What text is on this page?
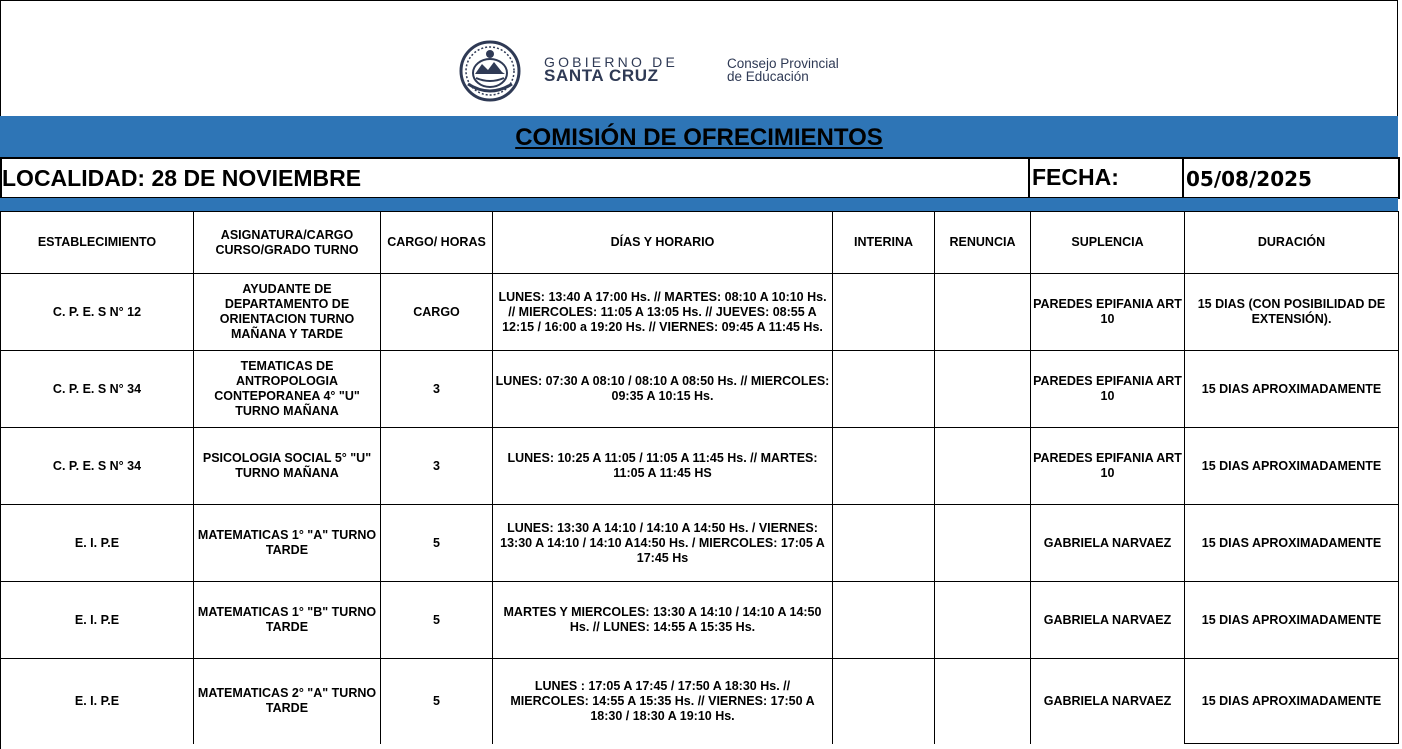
GOBIERNO DE
SANTA CRUZ
Consejo Provincial
de Educación
COMISIÓN DE OFRECIMIENTOS
LOCALIDAD: 28 DE NOVIEMBRE	FECHA:	05/08/2025
ESTABLECIMIENTO	ASIGNATURA/CARGO CURSO/GRADO TURNO	CARGO/ HORAS	DÍAS Y HORARIO	INTERINA	RENUNCIA	SUPLENCIA	DURACIÓN
C. P. E. S N° 12	AYUDANTE DE DEPARTAMENTO DE ORIENTACION TURNO MAÑANA Y TARDE	CARGO	LUNES: 13:40 A 17:00 Hs. // MARTES: 08:10 A 10:10 Hs. // MIERCOLES: 11:05 A 13:05 Hs. // JUEVES: 08:55 A 12:15 / 16:00 a 19:20 Hs. // VIERNES: 09:45 A 11:45 Hs.			PAREDES EPIFANIA ART 10	15 DIAS (CON POSIBILIDAD DE EXTENSIÓN).
C. P. E. S N° 34	TEMATICAS DE ANTROPOLOGIA CONTEPORANEA 4° "U" TURNO MAÑANA	3	LUNES: 07:30 A 08:10 / 08:10 A 08:50 Hs. // MIERCOLES: 09:35 A 10:15 Hs.			PAREDES EPIFANIA ART 10	15 DIAS APROXIMADAMENTE
C. P. E. S N° 34	PSICOLOGIA SOCIAL 5° "U" TURNO MAÑANA	3	LUNES: 10:25 A 11:05 / 11:05 A 11:45 Hs. // MARTES: 11:05 A 11:45 HS			PAREDES EPIFANIA ART 10	15 DIAS APROXIMADAMENTE
E. I. P.E	MATEMATICAS 1° "A" TURNO TARDE	5	LUNES: 13:30 A 14:10 / 14:10 A 14:50 Hs. / VIERNES: 13:30 A 14:10 / 14:10 A14:50 Hs. / MIERCOLES: 17:05 A 17:45 Hs			GABRIELA NARVAEZ	15 DIAS APROXIMADAMENTE
E. I. P.E	MATEMATICAS 1° "B" TURNO TARDE	5	MARTES Y MIERCOLES: 13:30 A 14:10 / 14:10 A 14:50 Hs. // LUNES: 14:55 A 15:35 Hs.			GABRIELA NARVAEZ	15 DIAS APROXIMADAMENTE
E. I. P.E	MATEMATICAS 2° "A" TURNO TARDE	5	LUNES : 17:05 A 17:45 / 17:50 A 18:30 Hs. // MIERCOLES: 14:55 A 15:35 Hs. // VIERNES: 17:50 A 18:30 / 18:30 A 19:10 Hs.			GABRIELA NARVAEZ	15 DIAS APROXIMADAMENTE
